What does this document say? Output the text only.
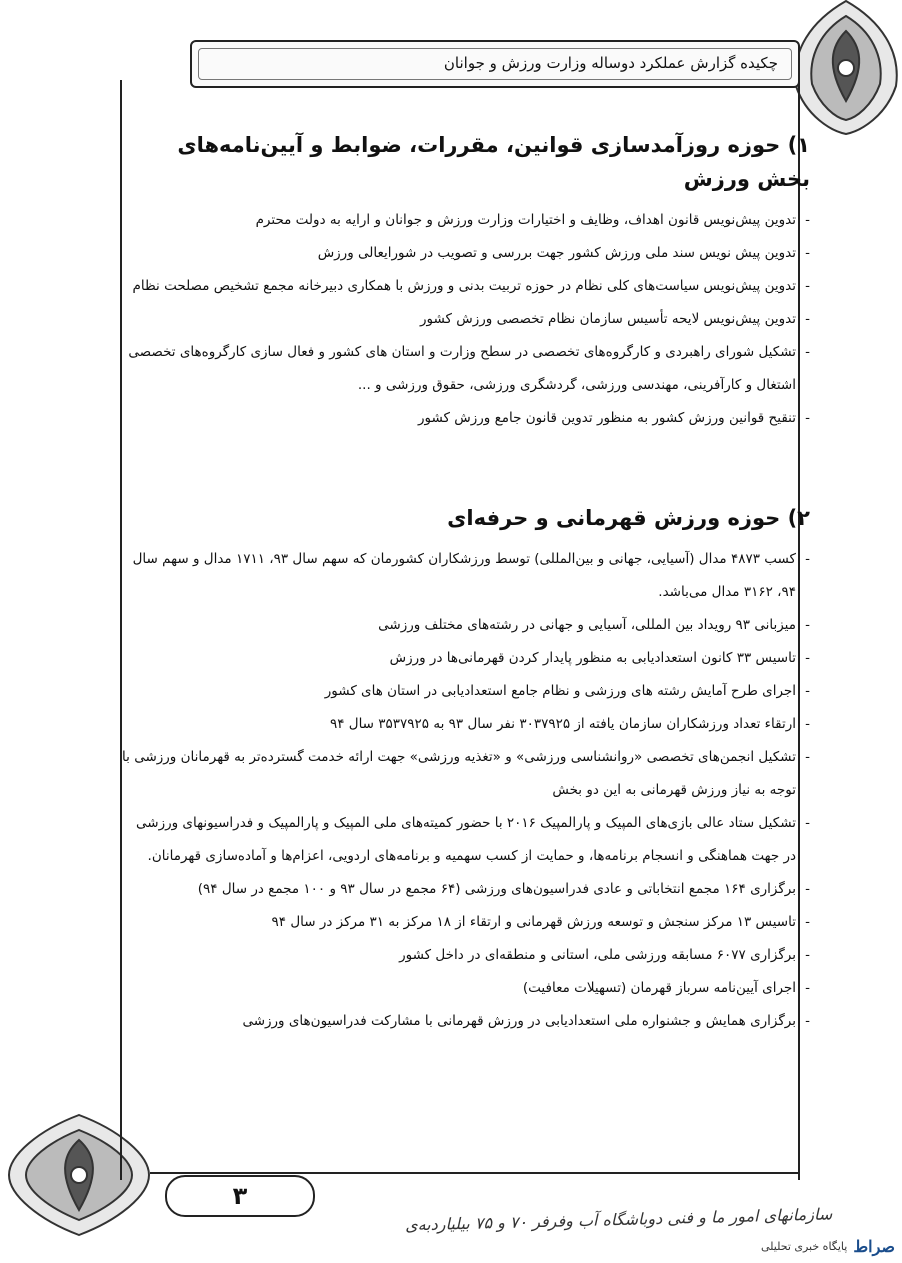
چکیده گزارش عملکرد دوساله وزارت ورزش و جوانان
۱) حوزه روزآمدسازی قوانین، مقررات، ضوابط و آیین‌نامه‌های بخش ورزش
- تدوین پیش‌نویس قانون اهداف، وظایف و اختیارات وزارت ورزش و جوانان و ارایه به دولت محترم
- تدوین پیش نویس سند ملی ورزش کشور جهت بررسی و تصویب در شورایعالی ورزش
- تدوین پیش‌نویس سیاست‌های کلی نظام در حوزه تربیت بدنی و ورزش با همکاری دبیرخانه مجمع تشخیص مصلحت نظام
- تدوین پیش‌نویس لایحه تأسیس سازمان نظام تخصصی ورزش کشور
- تشکیل شورای راهبردی و کارگروه‌های تخصصی در سطح وزارت و استان های کشور و فعال سازی کارگروه‌های تخصصی اشتغال و کارآفرینی، مهندسی ورزشی، گردشگری ورزشی، حقوق ورزشی و ...
- تنقیح قوانین ورزش کشور به منظور تدوین قانون جامع ورزش کشور
۲) حوزه ورزش قهرمانی و حرفه‌ای
- کسب ۴۸۷۳ مدال (آسیایی، جهانی و بین‌المللی) توسط ورزشکاران کشورمان که سهم سال ۹۳، ۱۷۱۱ مدال و سهم سال ۹۴، ۳۱۶۲ مدال می‌باشد.
- میزبانی ۹۳ رویداد بین المللی، آسیایی و جهانی در رشته‌های مختلف ورزشی
- تاسیس ۳۳ کانون استعدادیابی به منظور پایدار کردن قهرمانی‌ها در ورزش
- اجرای طرح آمایش رشته های ورزشی و نظام جامع استعدادیابی در استان های کشور
- ارتقاء تعداد ورزشکاران سازمان یافته از ۳۰۳۷۹۲۵ نفر سال ۹۳ به ۳۵۳۷۹۲۵ سال ۹۴
- تشکیل انجمن‌های تخصصی «روانشناسی ورزشی» و «تغذیه ورزشی» جهت ارائه خدمت گسترده‌تر به قهرمانان ورزشی با توجه به نیاز ورزش قهرمانی به این دو بخش
- تشکیل ستاد عالی بازی‌های المپیک و پارالمپیک ۲۰۱۶ با حضور کمیته‌های ملی المپیک و پارالمپیک و فدراسیونهای ورزشی در جهت هماهنگی و انسجام برنامه‌ها، و حمایت از کسب سهمیه و برنامه‌های اردویی، اعزام‌ها و آماده‌سازی قهرمانان.
- برگزاری ۱۶۴ مجمع انتخاباتی و عادی فدراسیون‌های ورزشی (۶۴ مجمع در سال ۹۳ و ۱۰۰ مجمع در سال ۹۴)
- تاسیس ۱۳ مرکز سنجش و توسعه ورزش قهرمانی و ارتقاء از ۱۸ مرکز به ۳۱ مرکز در سال ۹۴
- برگزاری ۶۰۷۷ مسابقه ورزشی ملی، استانی و منطقه‌ای در داخل کشور
- اجرای آیین‌نامه سرباز قهرمان (تسهیلات معافیت)
- برگزاری همایش و جشنواره ملی استعدادیابی در ورزش قهرمانی با مشارکت فدراسیون‌های ورزشی
۳
سازمانهای امور ما و فنی دوباشگاه آب وفرفر ۷۰ و ۷۵ بیلیاردبه‌ی
صراط
پایگاه خبری تحلیلی
